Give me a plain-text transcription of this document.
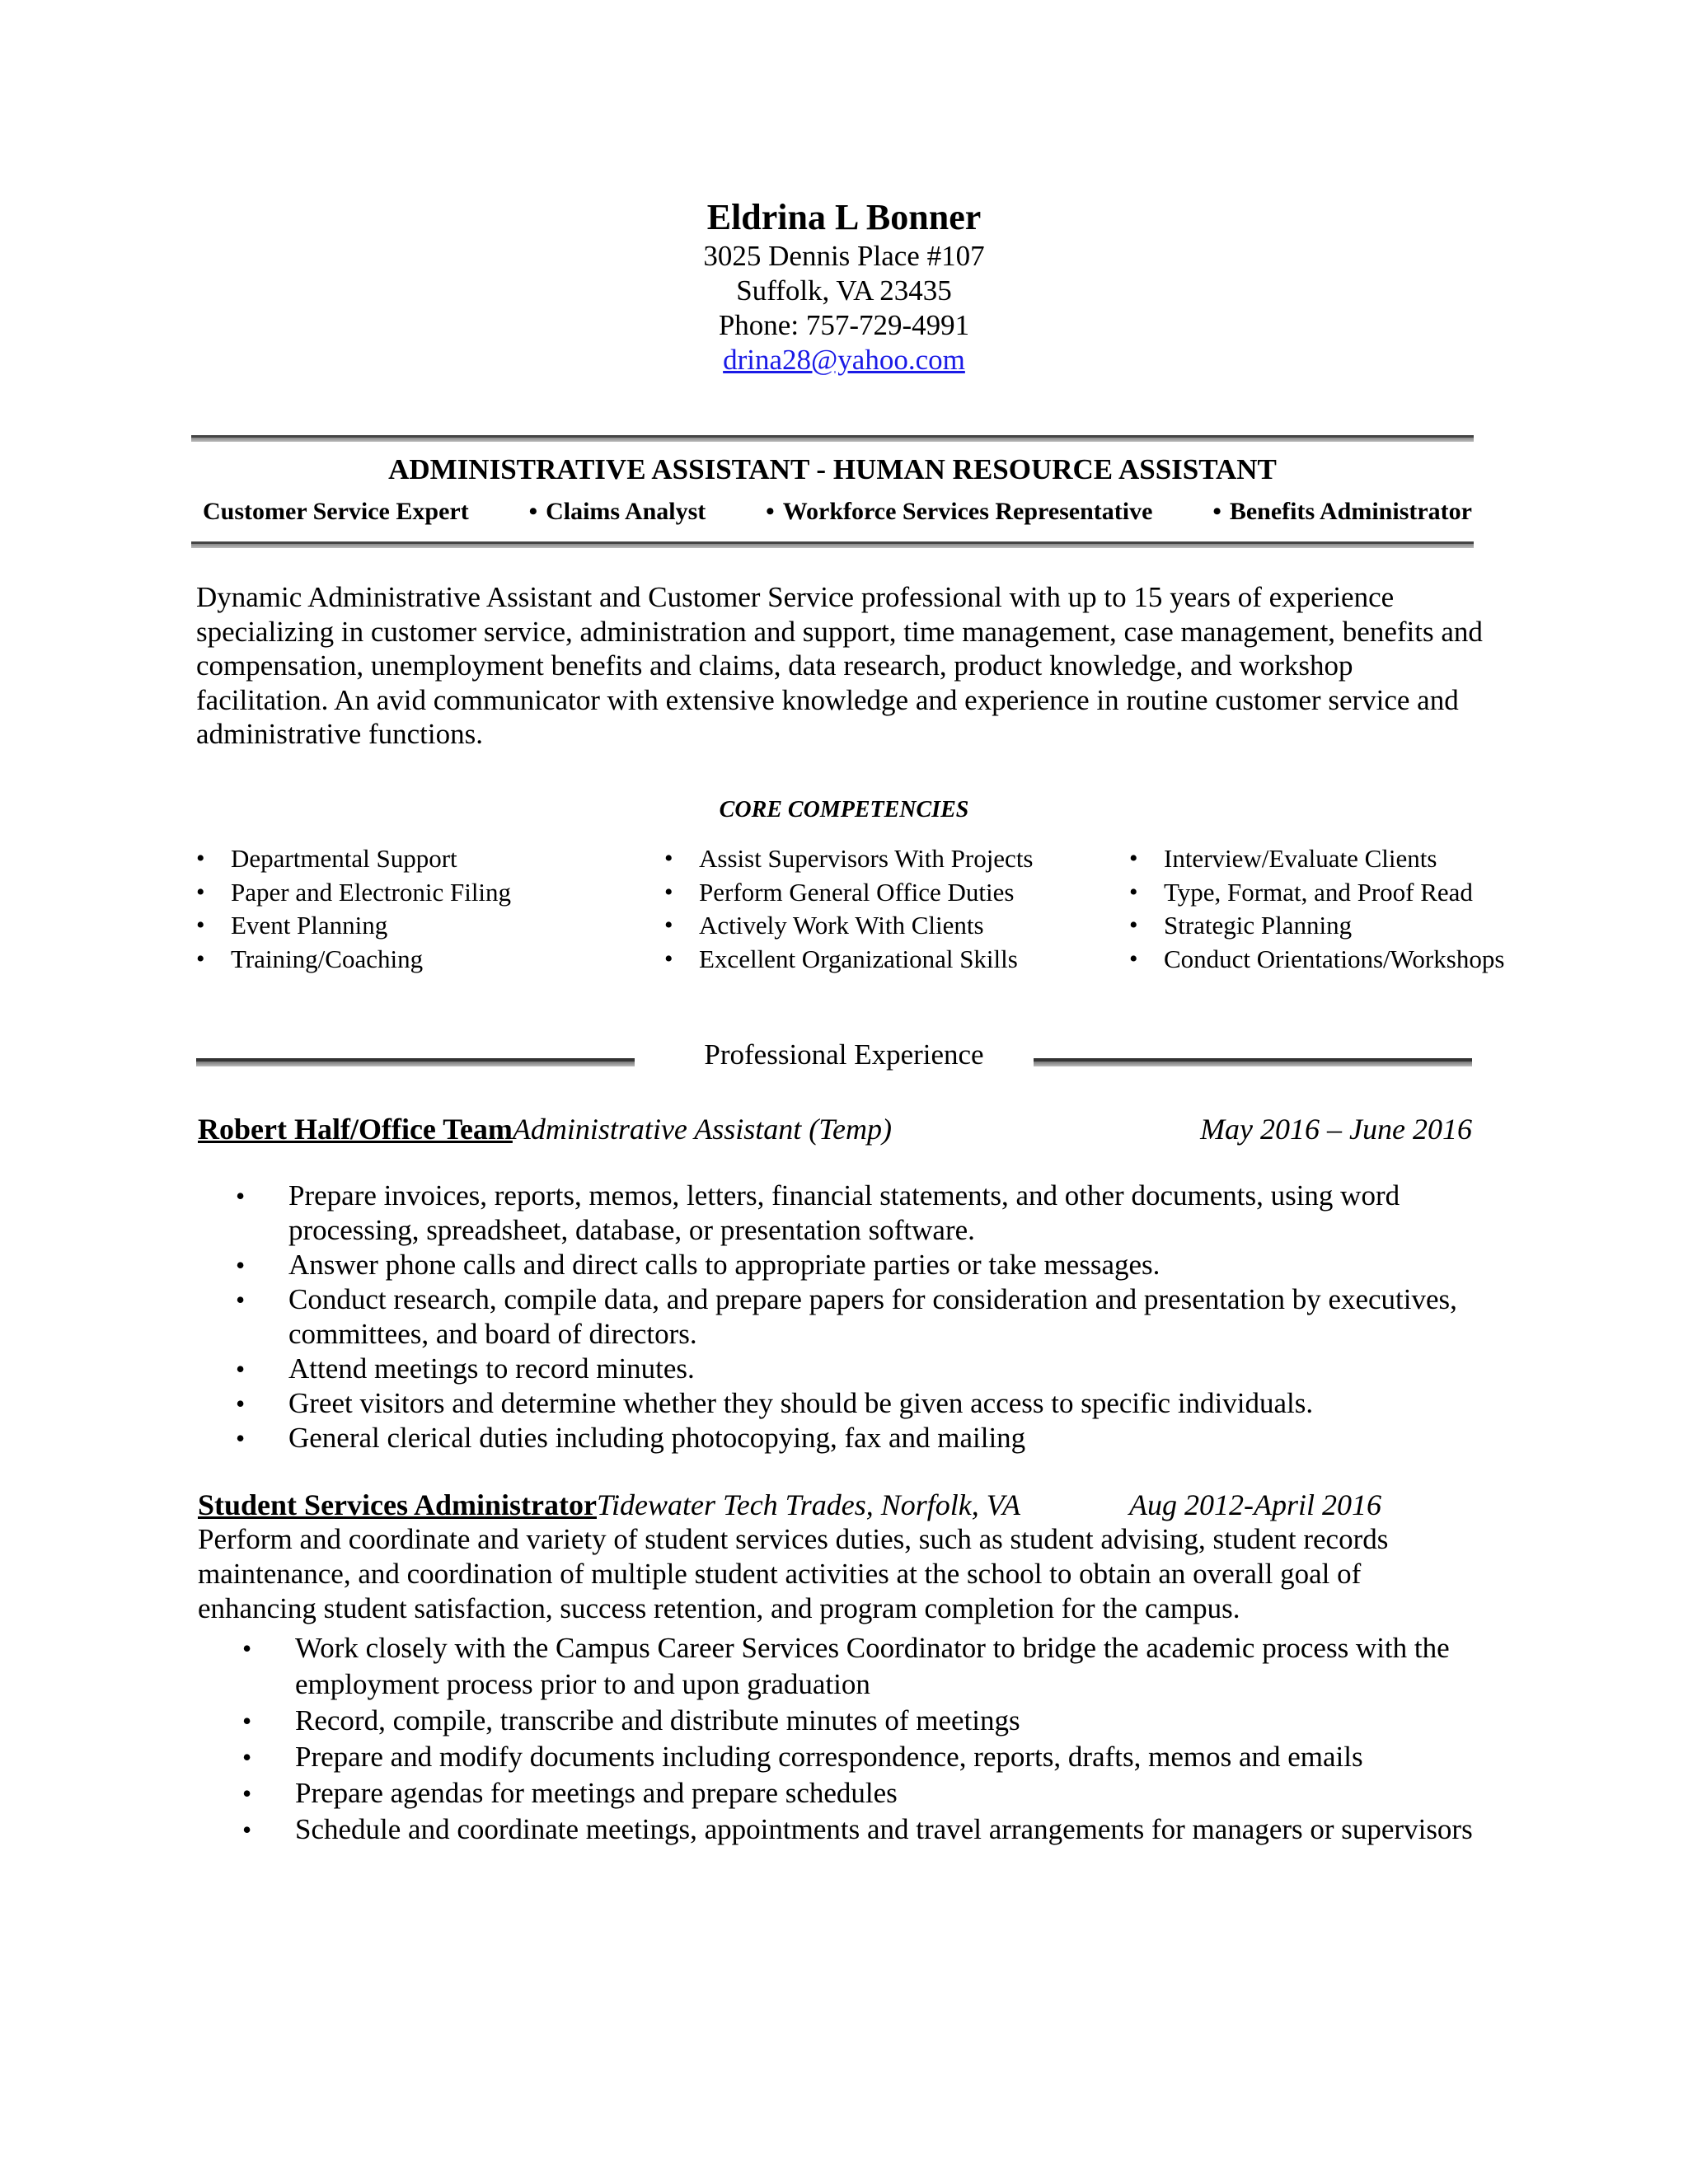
Eldrina L Bonner
3025 Dennis Place #107
Suffolk, VA 23435
Phone: 757-729-4991
drina28@yahoo.com
ADMINISTRATIVE ASSISTANT - HUMAN RESOURCE ASSISTANT
Customer Service Expert • Claims Analyst • Workforce Services Representative • Benefits Administrator
Dynamic Administrative Assistant and Customer Service professional with up to 15 years of experience specializing in customer service, administration and support, time management, case management, benefits and compensation, unemployment benefits and claims, data research, product knowledge, and workshop facilitation. An avid communicator with extensive knowledge and experience in routine customer service and administrative functions.
CORE COMPETENCIES
• Departmental Support
• Paper and Electronic Filing
• Event Planning
• Training/Coaching
• Assist Supervisors With Projects
• Perform General Office Duties
• Actively Work With Clients
• Excellent Organizational Skills
• Interview/Evaluate Clients
• Type, Format, and Proof Read
• Strategic Planning
• Conduct Orientations/Workshops
Professional Experience
Robert Half/Office TeamAdministrative Assistant (Temp)	May 2016 – June 2016
• Prepare invoices, reports, memos, letters, financial statements, and other documents, using word processing, spreadsheet, database, or presentation software.
• Answer phone calls and direct calls to appropriate parties or take messages.
• Conduct research, compile data, and prepare papers for consideration and presentation by executives, committees, and board of directors.
• Attend meetings to record minutes.
• Greet visitors and determine whether they should be given access to specific individuals.
• General clerical duties including photocopying, fax and mailing
Student Services AdministratorTidewater Tech Trades, Norfolk, VA	Aug 2012-April 2016
Perform and coordinate and variety of student services duties, such as student advising, student records maintenance, and coordination of multiple student activities at the school to obtain an overall goal of enhancing student satisfaction, success retention, and program completion for the campus.
• Work closely with the Campus Career Services Coordinator to bridge the academic process with the employment process prior to and upon graduation
• Record, compile, transcribe and distribute minutes of meetings
• Prepare and modify documents including correspondence, reports, drafts, memos and emails
• Prepare agendas for meetings and prepare schedules
• Schedule and coordinate meetings, appointments and travel arrangements for managers or supervisors
